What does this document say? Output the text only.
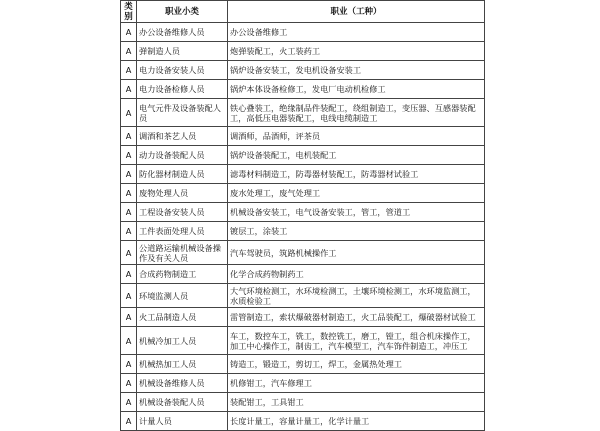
类别	职业小类	职业（工种）
A	办公设备维修人员	办公设备维修工
A	弹制造人员	炮弹装配工，火工装药工
A	电力设备安装人员	锅炉设备安装工，发电机设备安装工
A	电力设备检修人员	锅炉本体设备检修工，发电厂电动机检修工
A	电气元件及设备装配人员	铁心叠装工，绝缘制品件装配工，绕组制造工，变压器、互感器装配工，高低压电器装配工，电线电缆制造工
A	调酒和茶艺人员	调酒师，品酒师，评茶员
A	动力设备装配人员	锅炉设备装配工，电机装配工
A	防化器材制造人员	滤毒材料制造工，防毒器材装配工，防毒器材试验工
A	废物处理人员	废水处理工，废气处理工
A	工程设备安装人员	机械设备安装工，电气设备安装工，管工，管道工
A	工件表面处理人员	镀层工，涂装工
A	公道路运输机械设备操作及有关人员	汽车驾驶员，筑路机械操作工
A	合成药物制造工	化学合成药物制药工
A	环境监测人员	大气环境检测工，水环境检测工，土壤环境检测工，水环境监测工，水质检验工
A	火工品制造人员	雷管制造工，索状爆破器材制造工，火工品装配工，爆破器材试验工
A	机械冷加工人员	车工，数控车工，铣工，数控铣工，磨工，镗工，组合机床操作工，加工中心操作工，制齿工，汽车模型工，汽车饰件制造工，冲压工
A	机械热加工人员	铸造工，锻造工，剪切工，焊工，金属热处理工
A	机械设备维修人员	机修钳工，汽车修理工
A	机械设备装配人员	装配钳工，工具钳工
A	计量人员	长度计量工，容量计量工，化学计量工
